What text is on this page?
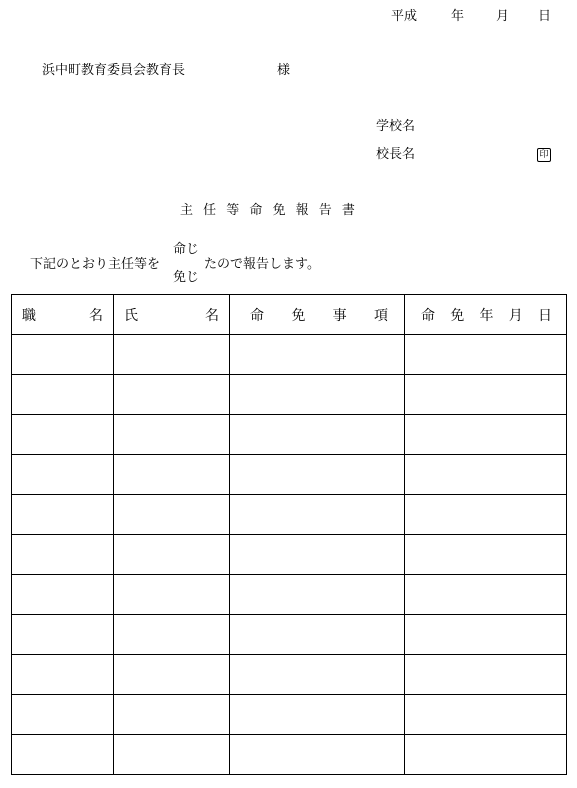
平成	年 月 日
浜中町教育委員会教育長	様
学校名
校長名	印
主 任 等 命 免 報 告 書
下記のとおり主任等を
命じ
免じ
たので報告します。
職 名	氏 名	命 免 事 項	命 免 年 月 日
